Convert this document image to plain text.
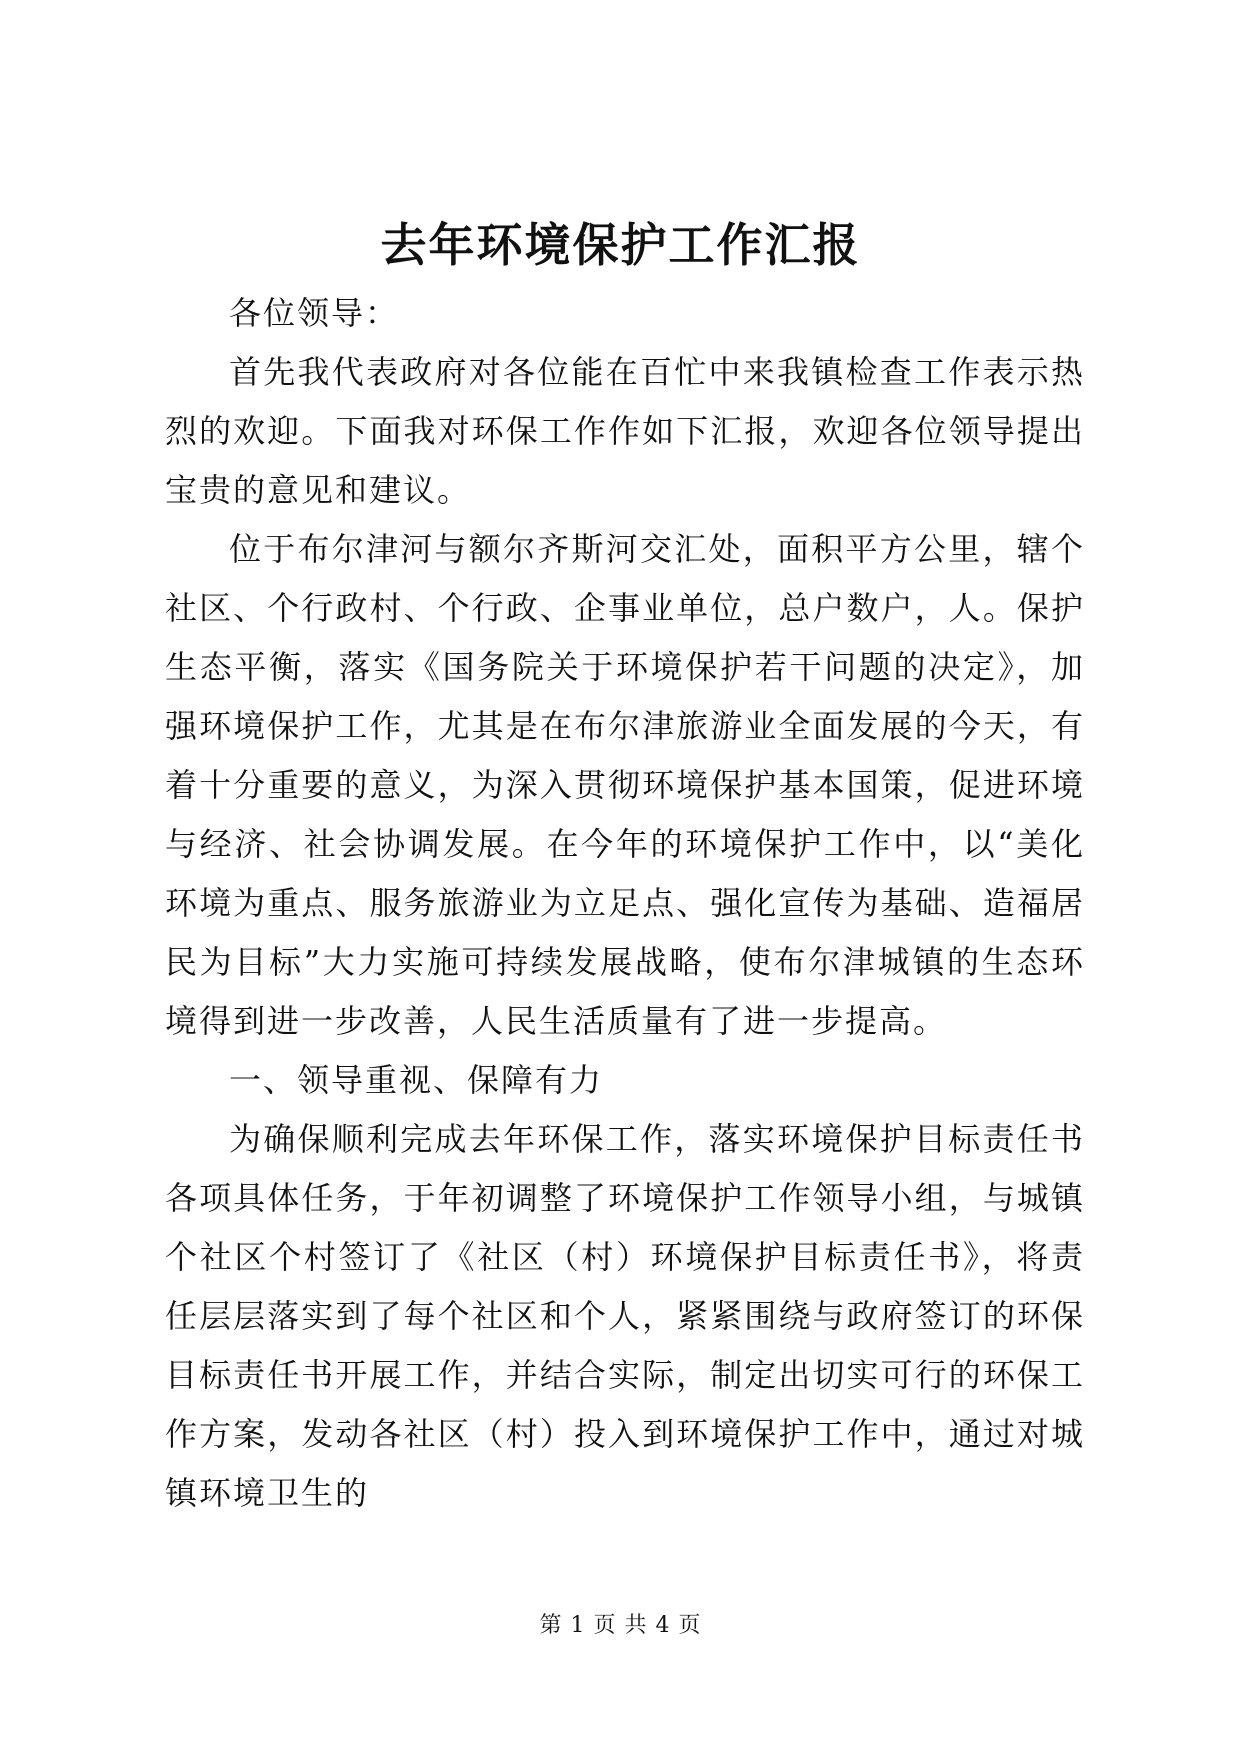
去年环境保护工作汇报

各位领导：

首先我代表政府对各位能在百忙中来我镇检查工作表示热烈的欢迎。下面我对环保工作作如下汇报，欢迎各位领导提出宝贵的意见和建议。

位于布尔津河与额尔齐斯河交汇处，面积平方公里，辖个社区、个行政村、个行政、企事业单位，总户数户，人。保护生态平衡，落实《国务院关于环境保护若干问题的决定》，加强环境保护工作，尤其是在布尔津旅游业全面发展的今天，有着十分重要的意义，为深入贯彻环境保护基本国策，促进环境与经济、社会协调发展。在今年的环境保护工作中，以“美化环境为重点、服务旅游业为立足点、强化宣传为基础、造福居民为目标”大力实施可持续发展战略，使布尔津城镇的生态环境得到进一步改善，人民生活质量有了进一步提高。

一、领导重视、保障有力

为确保顺利完成去年环保工作，落实环境保护目标责任书各项具体任务，于年初调整了环境保护工作领导小组，与城镇个社区个村签订了《社区（村）环境保护目标责任书》，将责任层层落实到了每个社区和个人，紧紧围绕与政府签订的环保目标责任书开展工作，并结合实际，制定出切实可行的环保工作方案，发动各社区（村）投入到环境保护工作中，通过对城镇环境卫生的

第 1 页 共 4 页
